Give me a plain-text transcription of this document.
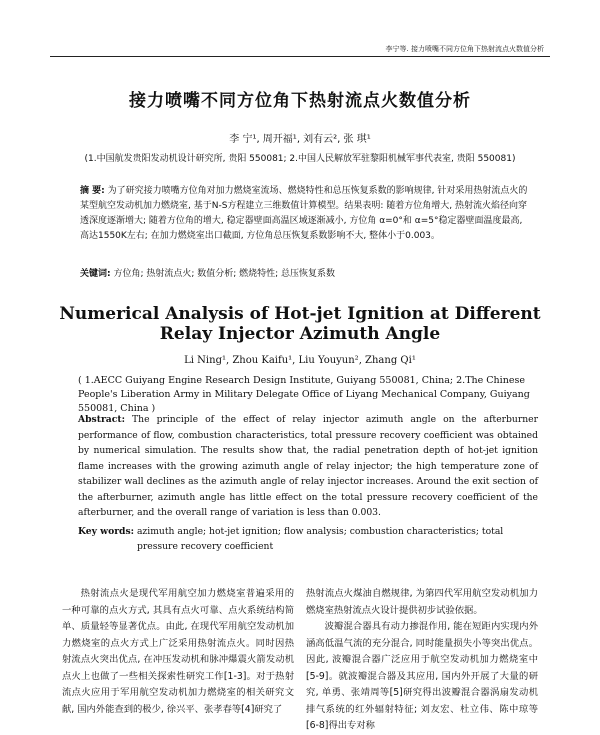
李宁等. 接力喷嘴不同方位角下热射流点火数值分析
接力喷嘴不同方位角下热射流点火数值分析
李 宁¹, 周开福¹, 刘有云², 张 琪¹
(1.中国航发贵阳发动机设计研究所, 贵阳 550081; 2.中国人民解放军驻黎阳机械军事代表室, 贵阳 550081)
摘 要: 为了研究接力喷嘴方位角对加力燃烧室流场、燃烧特性和总压恢复系数的影响规律, 针对采用热射流点火的某型航空发动机加力燃烧室, 基于N-S方程建立三维数值计算模型。结果表明: 随着方位角增大, 热射流火焰径向穿透深度逐渐增大; 随着方位角的增大, 稳定器壁面高温区域逐渐减小, 方位角 α=0°和 α=5°稳定器壁面温度最高, 高达1550K左右; 在加力燃烧室出口截面, 方位角总压恢复系数影响不大, 整体小于0.003。
关键词: 方位角; 热射流点火; 数值分析; 燃烧特性; 总压恢复系数
Numerical Analysis of Hot-jet Ignition at Different Relay Injector Azimuth Angle
Li Ning¹, Zhou Kaifu¹, Liu Youyun², Zhang Qi¹
( 1.AECC Guiyang Engine Research Design Institute, Guiyang 550081, China; 2.The Chinese People's Liberation Army in Military Delegate Office of Liyang Mechanical Company, Guiyang 550081, China )
Abstract: The principle of the effect of relay injector azimuth angle on the afterburner performance of flow, combustion characteristics, total pressure recovery coefficient was obtained by numerical simulation. The results show that, the radial penetration depth of hot-jet ignition flame increases with the growing azimuth angle of relay injector; the high temperature zone of stabilizer wall declines as the azimuth angle of relay injector increases. Around the exit section of the afterburner, azimuth angle has little effect on the total pressure recovery coefficient of the afterburner, and the overall range of variation is less than 0.003.
Key words: azimuth angle; hot-jet ignition; flow analysis; combustion characteristics; total pressure recovery coefficient
热射流点火是现代军用航空加力燃烧室普遍采用的一种可靠的点火方式, 其具有点火可靠、点火系统结构简单、质量轻等显著优点。由此, 在现代军用航空发动机加力燃烧室的点火方式上广泛采用热射流点火。同时因热射流点火突出优点, 在冲压发动机和脉冲爆震火箭发动机点火上也做了一些相关探索性研究工作[1-3]。对于热射流点火应用于军用航空发动机加力燃烧室的相关研究文献, 国内外能查到的极少, 徐兴平、张孝春等[4]研究了
热射流点火煤油自燃规律, 为第四代军用航空发动机加力燃烧室热射流点火设计提供初步试验依据。
波瓣混合器具有动力掺混作用, 能在短距内实现内外涵高低温气流的充分混合, 同时能量损失小等突出优点。因此, 波瓣混合器广泛应用于航空发动机加力燃烧室中[5-9]。就波瓣混合器及其应用, 国内外开展了大量的研究, 单勇、张靖周等[5]研究得出波瓣混合器涡扇发动机排气系统的红外辐射特征; 刘友宏、杜立伟、陈中琼等[6-8]得出专对称
